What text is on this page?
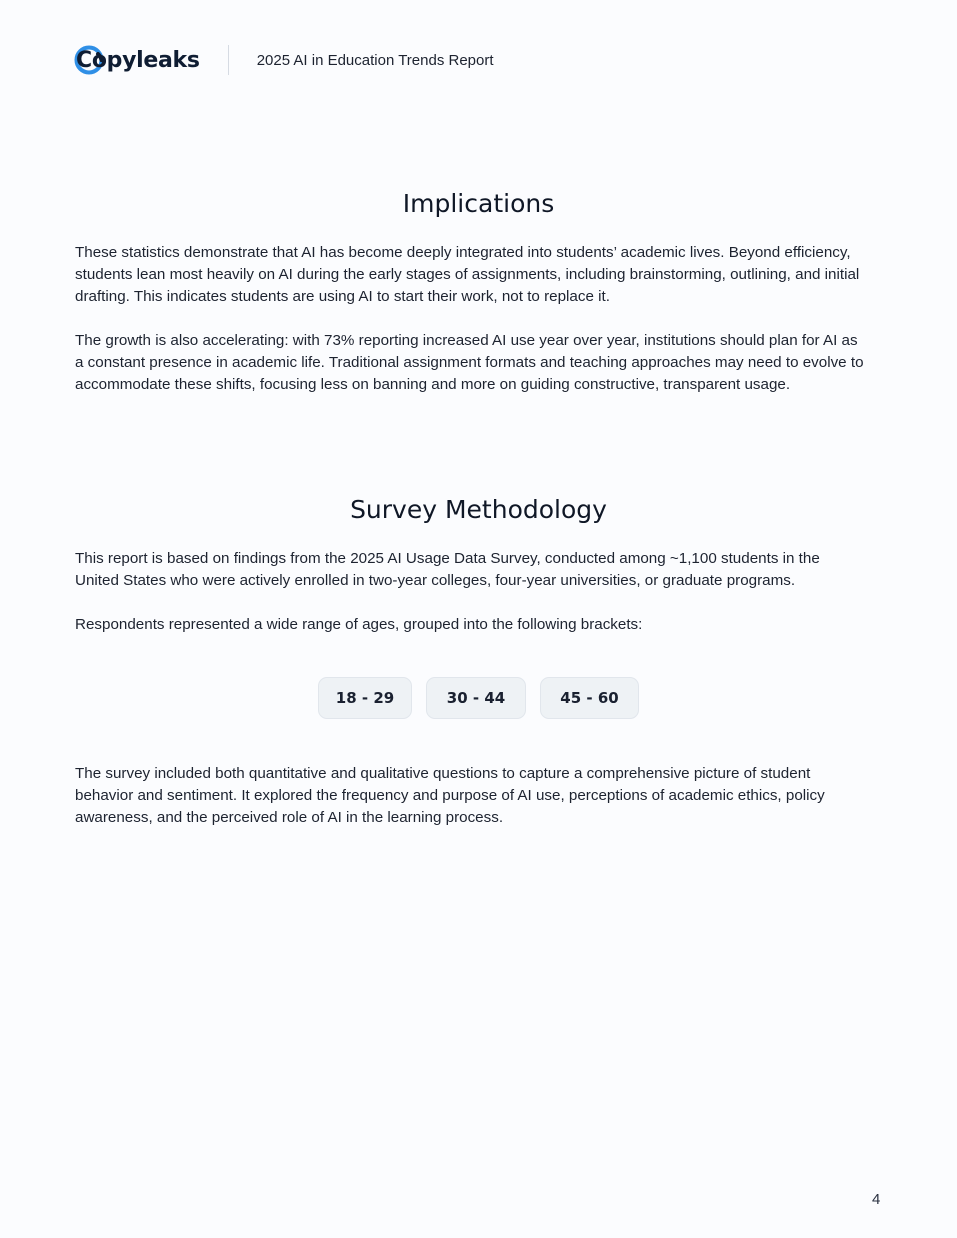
Copyleaks	2025 AI in Education Trends Report
Implications

These statistics demonstrate that AI has become deeply integrated into students’ academic lives. Beyond efficiency, students lean most heavily on AI during the early stages of assignments, including brainstorming, outlining, and initial drafting. This indicates students are using AI to start their work, not to replace it.

The growth is also accelerating: with 73% reporting increased AI use year over year, institutions should plan for AI as a constant presence in academic life. Traditional assignment formats and teaching approaches may need to evolve to accommodate these shifts, focusing less on banning and more on guiding constructive, transparent usage.

Survey Methodology

This report is based on findings from the 2025 AI Usage Data Survey, conducted among ~1,100 students in the United States who were actively enrolled in two-year colleges, four-year universities, or graduate programs.

Respondents represented a wide range of ages, grouped into the following brackets:

18 - 29	30 - 44	45 - 60

The survey included both quantitative and qualitative questions to capture a comprehensive picture of student behavior and sentiment. It explored the frequency and purpose of AI use, perceptions of academic ethics, policy awareness, and the perceived role of AI in the learning process.

4
